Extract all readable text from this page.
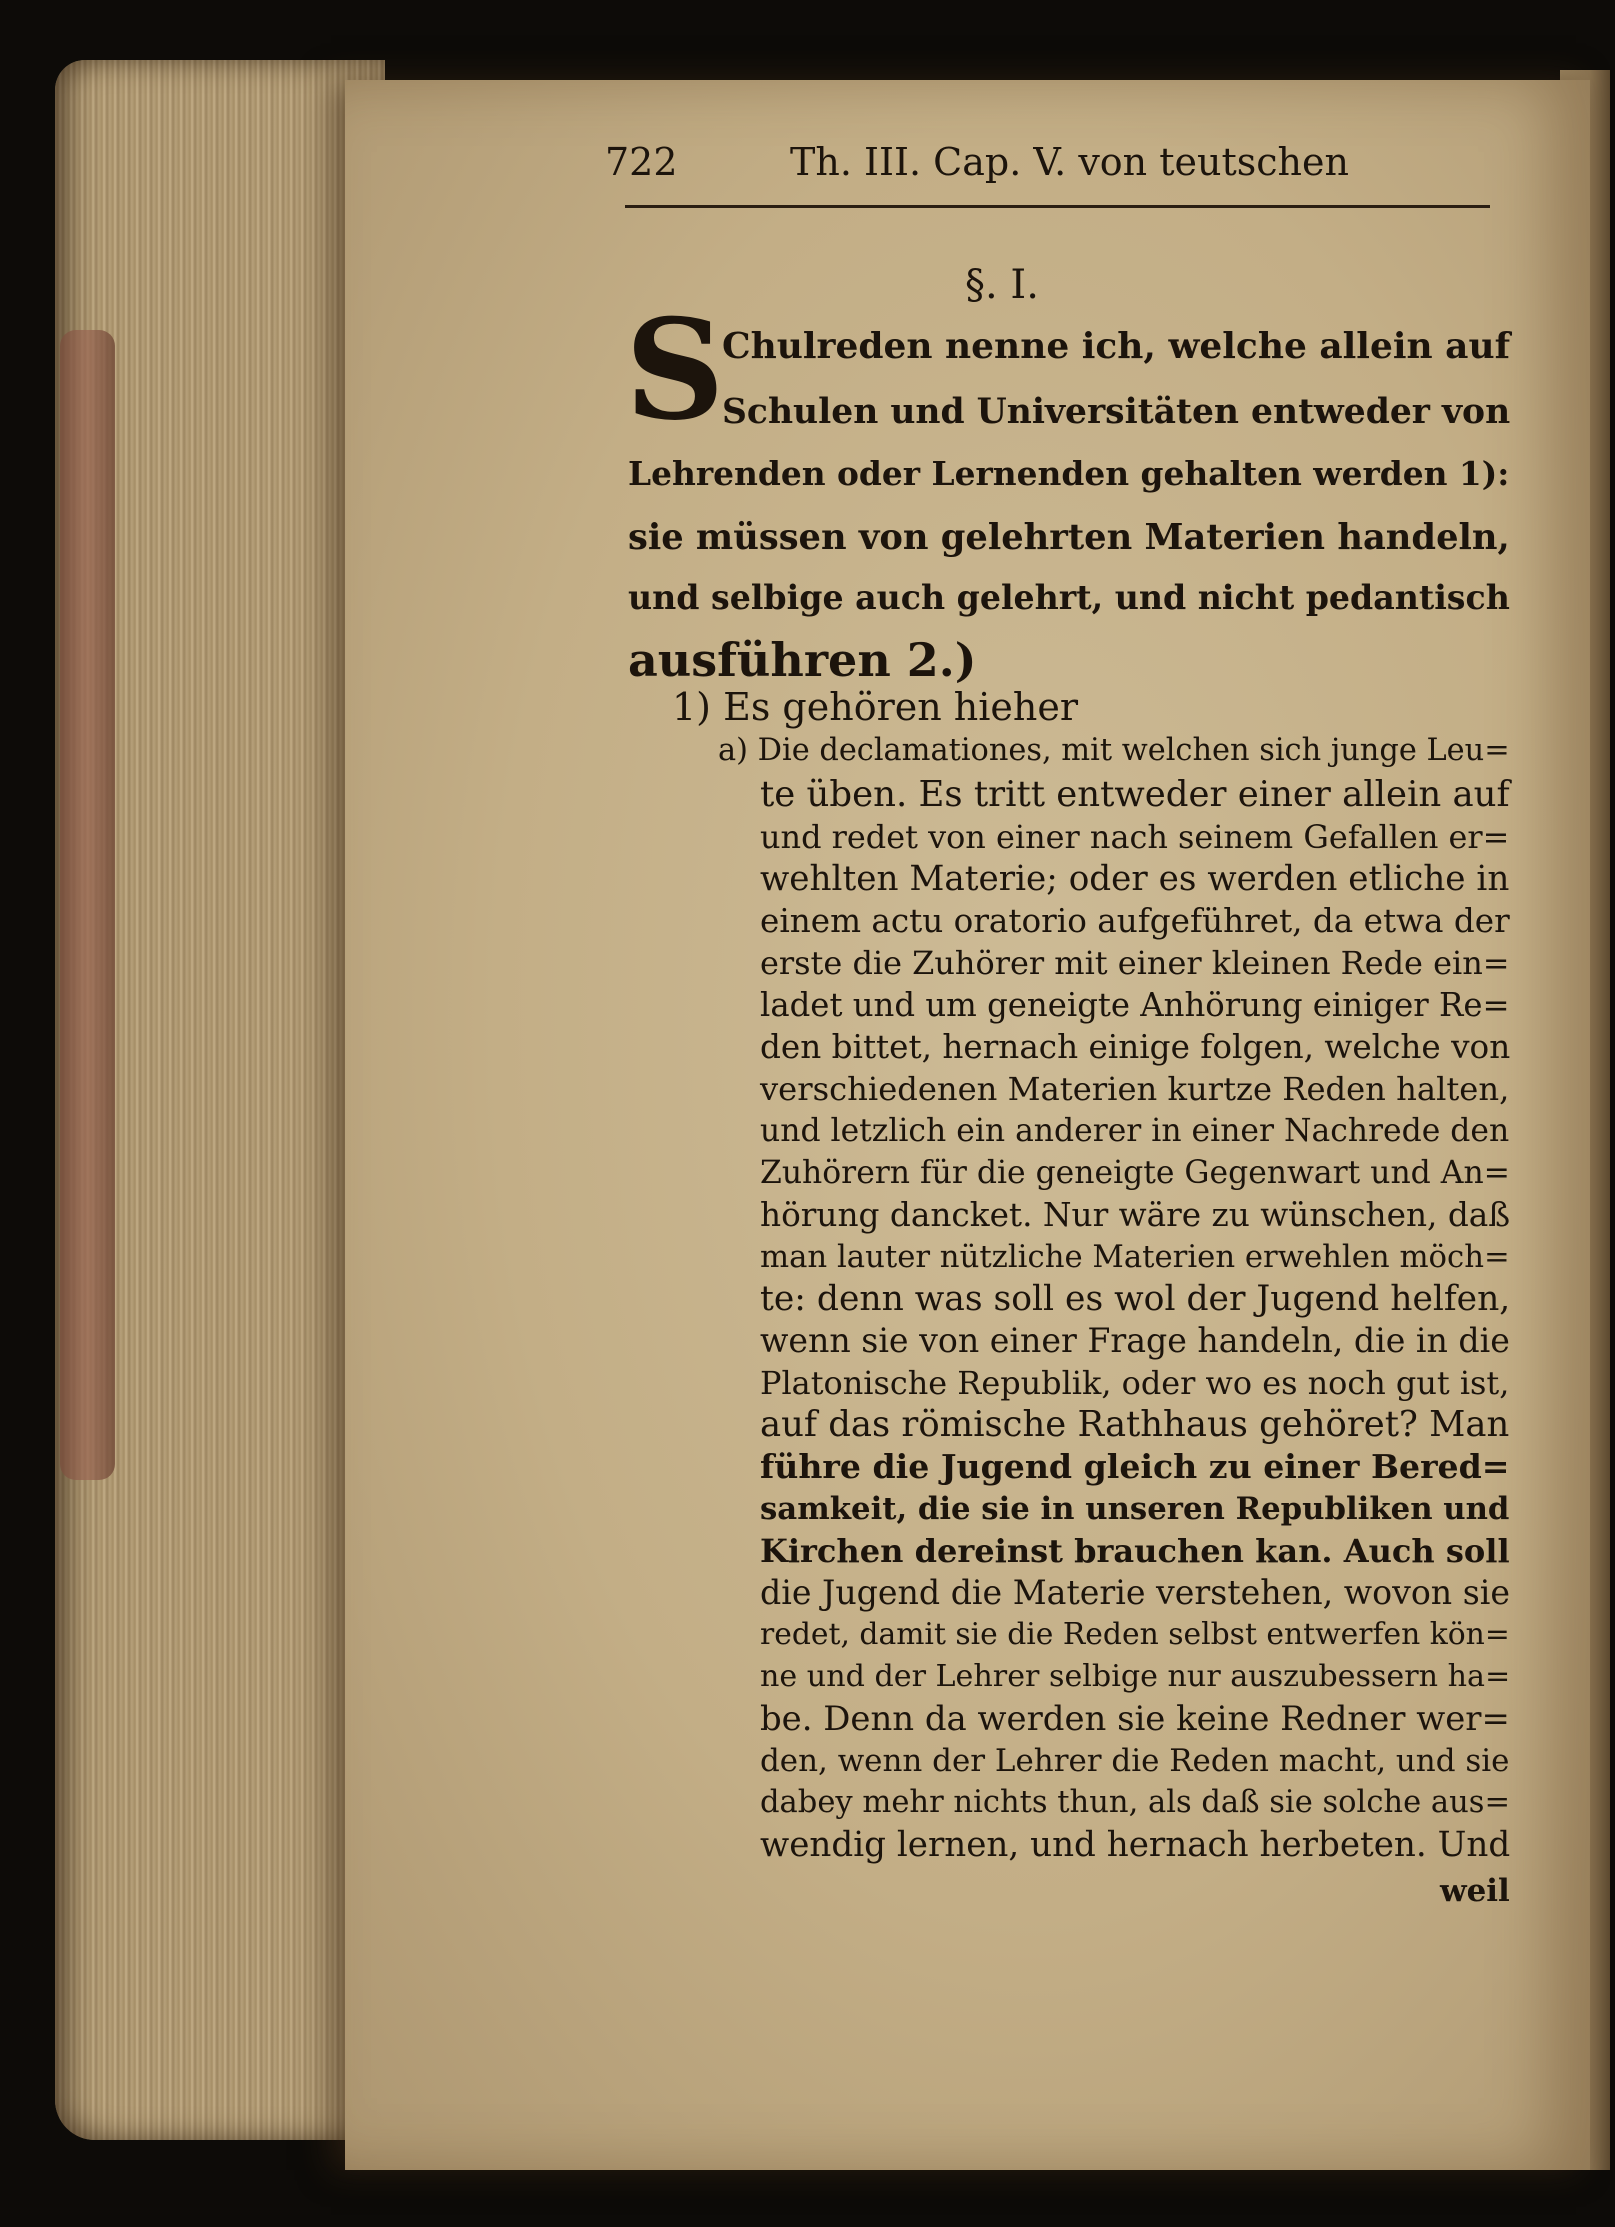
722	Th. III. Cap. V. von teutschen
§. I.
S
Chulreden nenne ich, welche allein auf
Schulen und Universitäten entweder von
Lehrenden oder Lernenden gehalten werden 1):
sie müssen von gelehrten Materien handeln,
und selbige auch gelehrt, und nicht pedantisch
ausführen 2.)
1) Es gehören hieher
a) Die declamationes, mit welchen sich junge Leu=
te üben. Es tritt entweder einer allein auf
und redet von einer nach seinem Gefallen er=
wehlten Materie; oder es werden etliche in
einem actu oratorio aufgeführet, da etwa der
erste die Zuhörer mit einer kleinen Rede ein=
ladet und um geneigte Anhörung einiger Re=
den bittet, hernach einige folgen, welche von
verschiedenen Materien kurtze Reden halten,
und letzlich ein anderer in einer Nachrede den
Zuhörern für die geneigte Gegenwart und An=
hörung dancket. Nur wäre zu wünschen, daß
man lauter nützliche Materien erwehlen möch=
te: denn was soll es wol der Jugend helfen,
wenn sie von einer Frage handeln, die in die
Platonische Republik, oder wo es noch gut ist,
auf das römische Rathhaus gehöret? Man
führe die Jugend gleich zu einer Bered=
samkeit, die sie in unseren Republiken und
Kirchen dereinst brauchen kan. Auch soll
die Jugend die Materie verstehen, wovon sie
redet, damit sie die Reden selbst entwerfen kön=
ne und der Lehrer selbige nur auszubessern ha=
be. Denn da werden sie keine Redner wer=
den, wenn der Lehrer die Reden macht, und sie
dabey mehr nichts thun, als daß sie solche aus=
wendig lernen, und hernach herbeten. Und
weil
